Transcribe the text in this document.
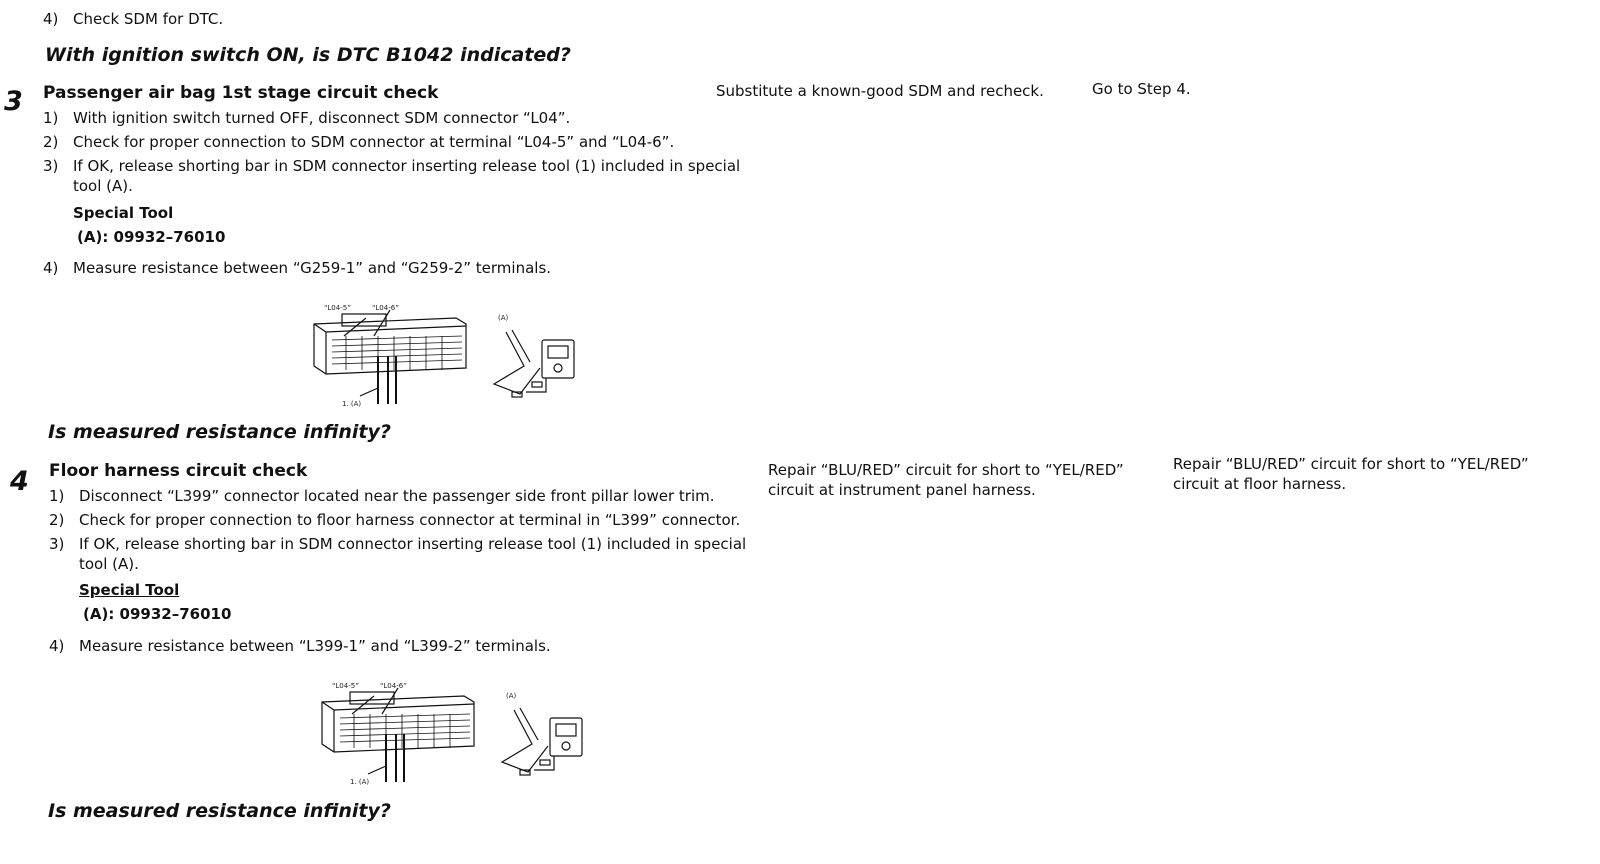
4) Check SDM for DTC.
With ignition switch ON, is DTC B1042 indicated?
3 Passenger air bag 1st stage circuit check
1) With ignition switch turned OFF, disconnect SDM connector “L04”.
2) Check for proper connection to SDM connector at terminal “L04-5” and “L04-6”.
3) If OK, release shorting bar in SDM connector inserting release tool (1) included in special
tool (A).
Special Tool
(A): 09932–76010
4) Measure resistance between “G259-1” and “G259-2” terminals.
“L04-5”	“L04-6”
1. (A)
(A)
Is measured resistance infinity?
Substitute a known-good SDM and recheck.	Go to Step 4.
4 Floor harness circuit check
1) Disconnect “L399” connector located near the passenger side front pillar lower trim.
2) Check for proper connection to floor harness connector at terminal in “L399” connector.
3) If OK, release shorting bar in SDM connector inserting release tool (1) included in special
tool (A).
Special Tool
(A): 09932–76010
4) Measure resistance between “L399-1” and “L399-2” terminals.
“L04-5”	“L04-6”
1. (A)
(A)
Is measured resistance infinity?
Repair “BLU/RED” circuit for short to “YEL/RED”
circuit at instrument panel harness.
Repair “BLU/RED” circuit for short to “YEL/RED”
circuit at floor harness.
